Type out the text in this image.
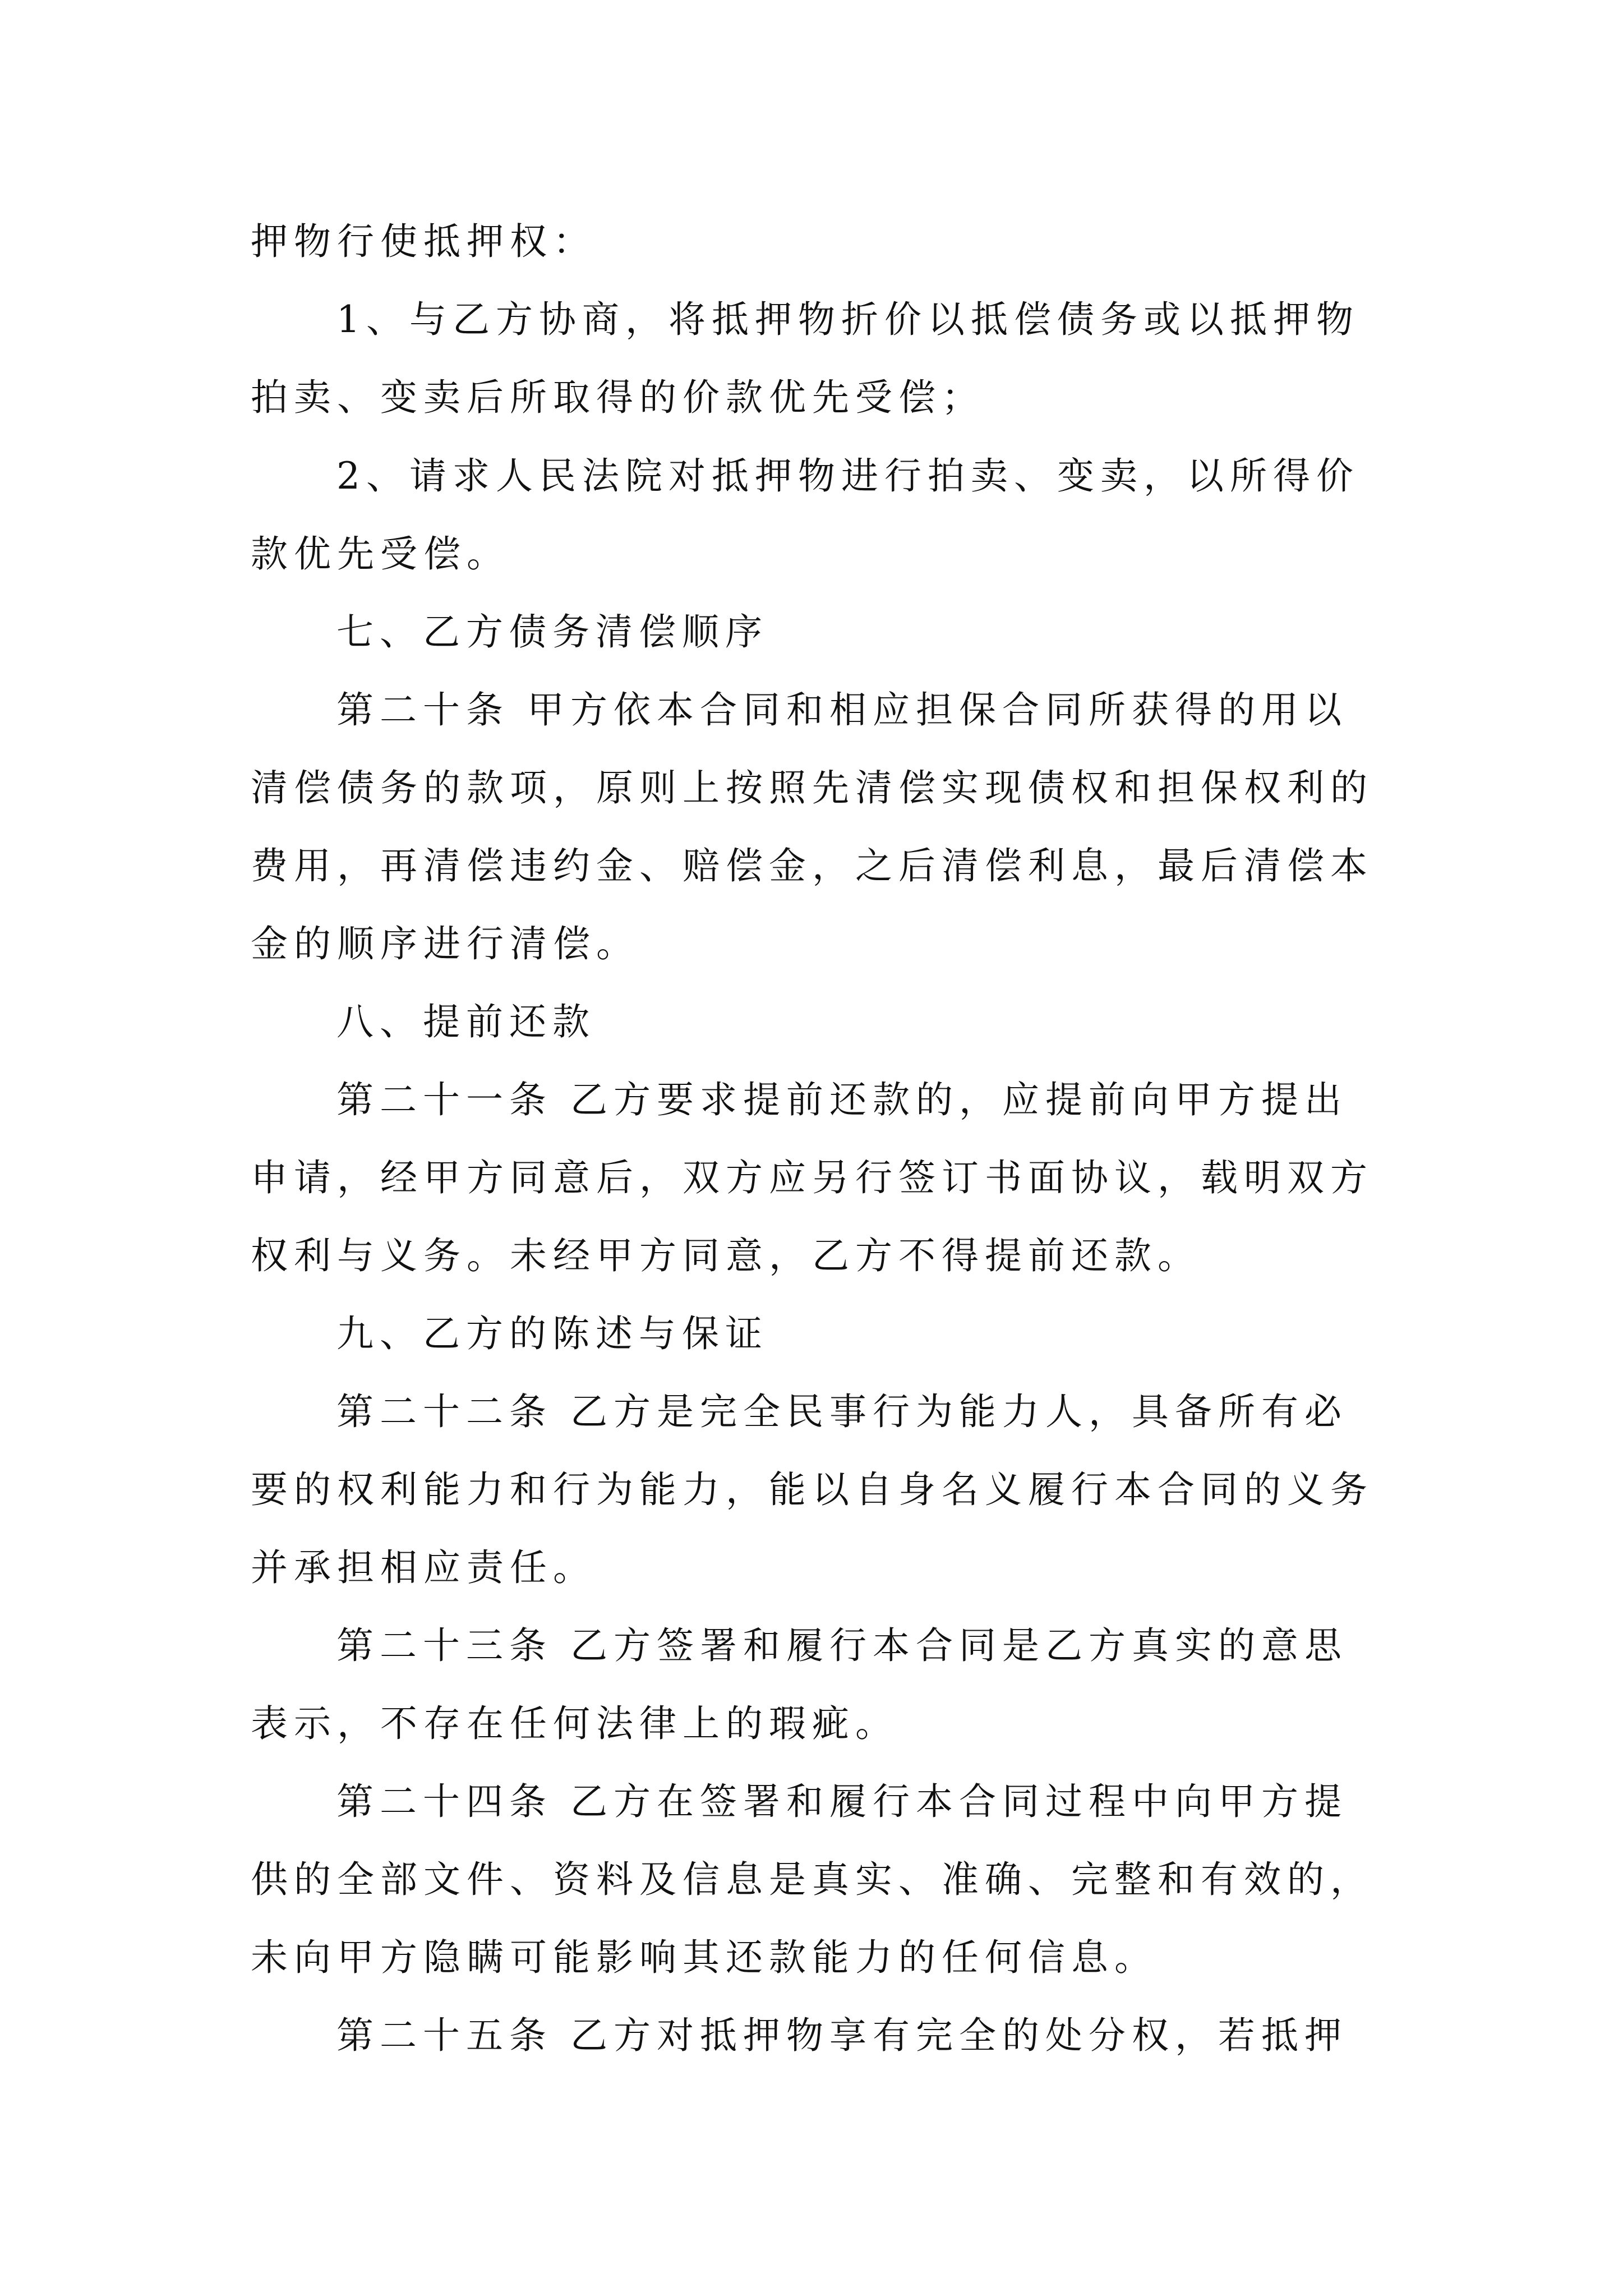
押物行使抵押权：

1、与乙方协商，将抵押物折价以抵偿债务或以抵押物

拍卖、变卖后所取得的价款优先受偿；

2、请求人民法院对抵押物进行拍卖、变卖，以所得价

款优先受偿。

七、乙方债务清偿顺序

第二十条 甲方依本合同和相应担保合同所获得的用以

清偿债务的款项，原则上按照先清偿实现债权和担保权利的

费用，再清偿违约金、赔偿金，之后清偿利息，最后清偿本

金的顺序进行清偿。

八、提前还款

第二十一条 乙方要求提前还款的，应提前向甲方提出

申请，经甲方同意后，双方应另行签订书面协议，载明双方

权利与义务。未经甲方同意，乙方不得提前还款。

九、乙方的陈述与保证

第二十二条 乙方是完全民事行为能力人，具备所有必

要的权利能力和行为能力，能以自身名义履行本合同的义务

并承担相应责任。

第二十三条 乙方签署和履行本合同是乙方真实的意思

表示，不存在任何法律上的瑕疵。

第二十四条 乙方在签署和履行本合同过程中向甲方提

供的全部文件、资料及信息是真实、准确、完整和有效的，

未向甲方隐瞒可能影响其还款能力的任何信息。

第二十五条 乙方对抵押物享有完全的处分权，若抵押
